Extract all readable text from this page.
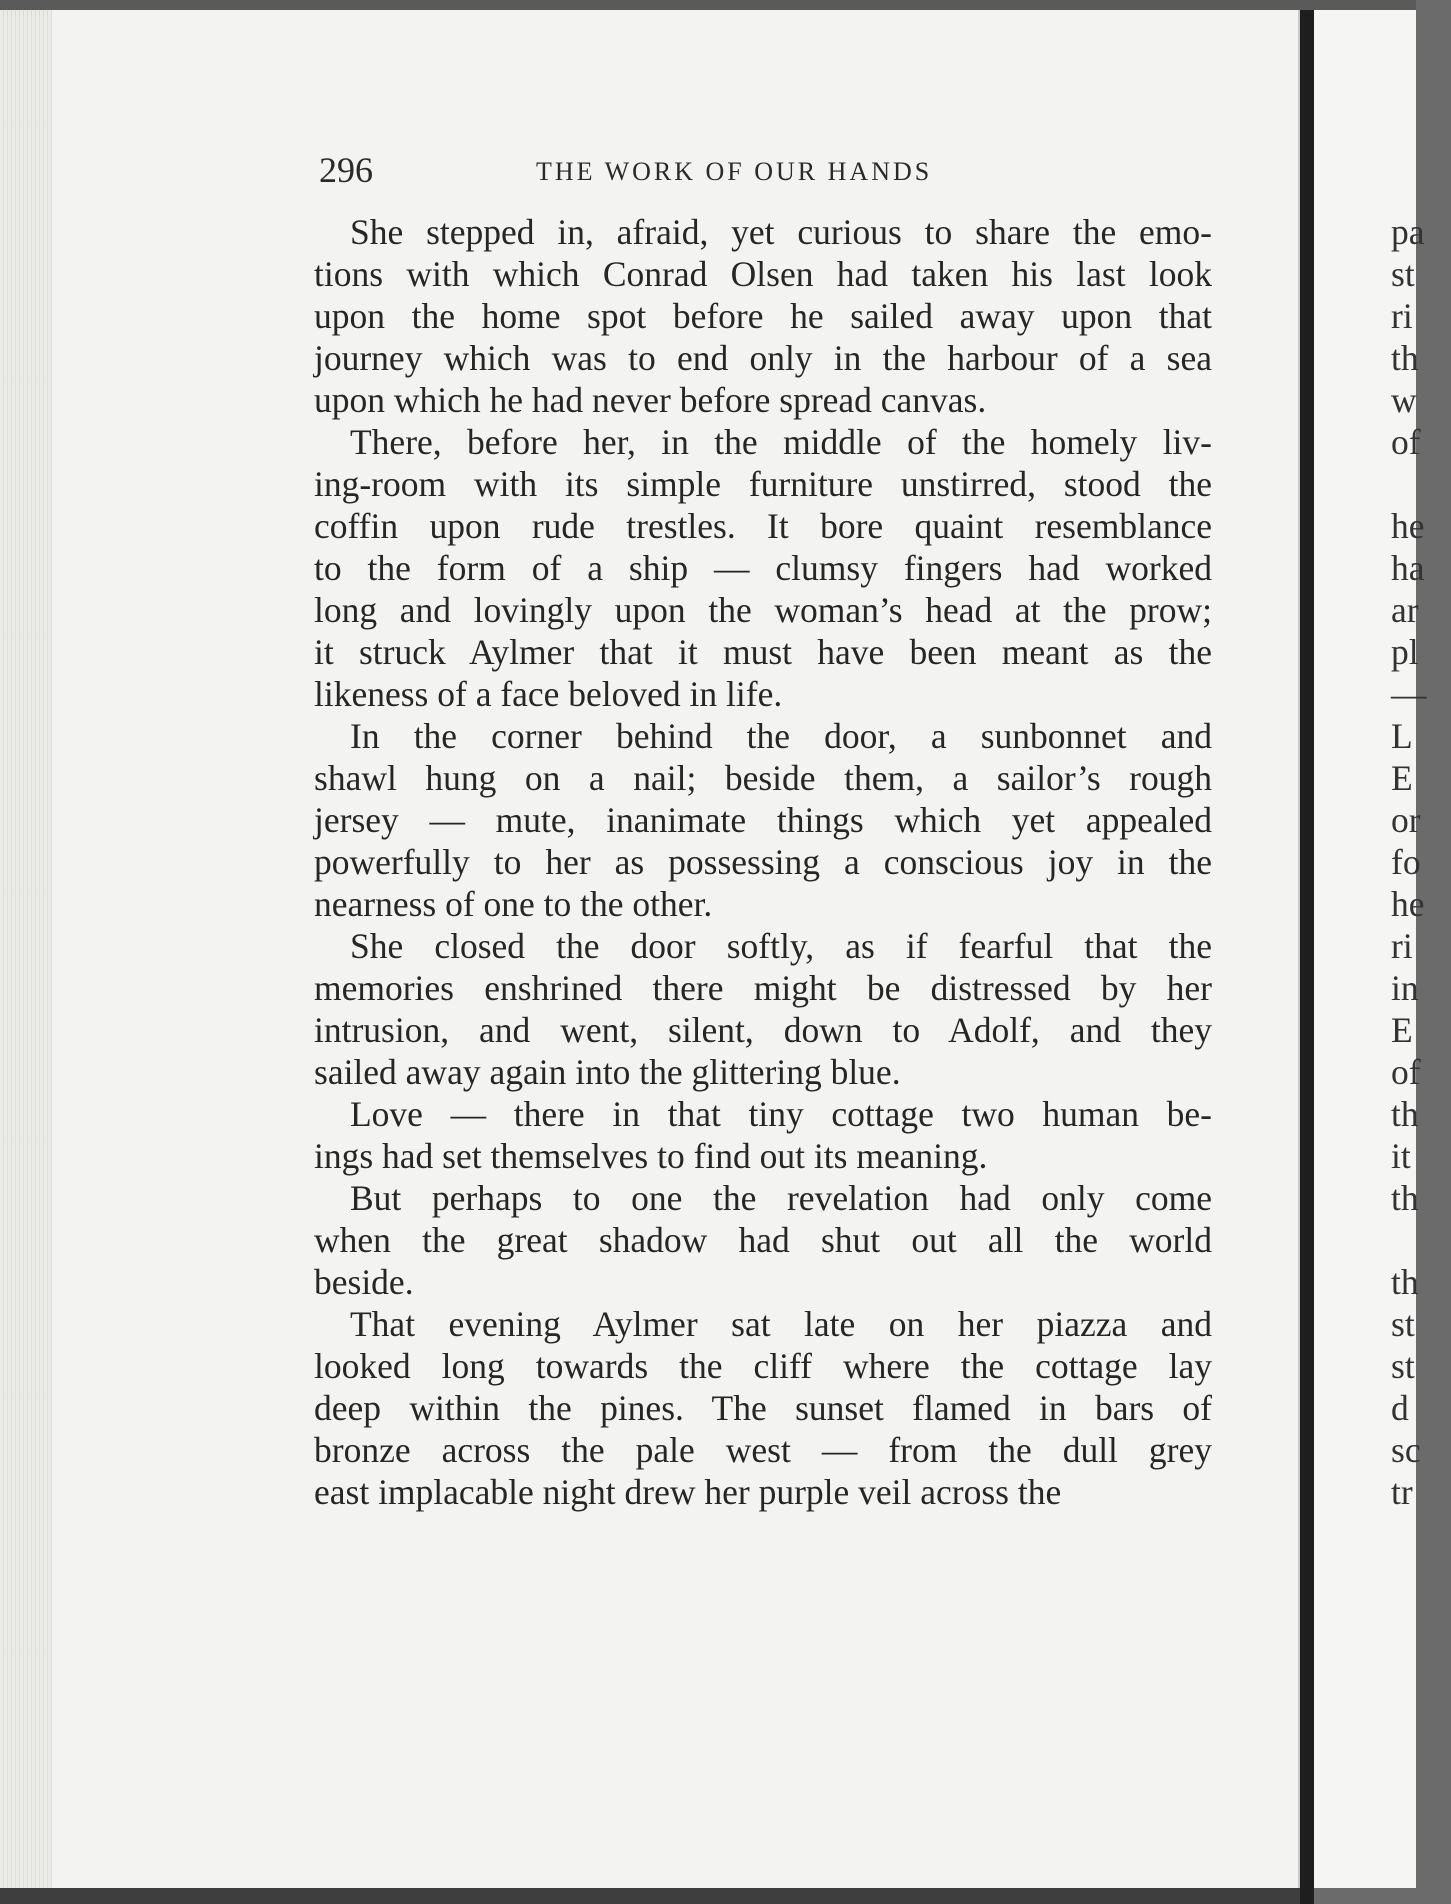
296	THE WORK OF OUR HANDS
She stepped in, afraid, yet curious to share the emo-
tions with which Conrad Olsen had taken his last look
upon the home spot before he sailed away upon that
journey which was to end only in the harbour of a sea
upon which he had never before spread canvas.
There, before her, in the middle of the homely liv-
ing-room with its simple furniture unstirred, stood the
coffin upon rude trestles. It bore quaint resemblance
to the form of a ship — clumsy fingers had worked
long and lovingly upon the woman’s head at the prow;
it struck Aylmer that it must have been meant as the
likeness of a face beloved in life.
In the corner behind the door, a sunbonnet and
shawl hung on a nail; beside them, a sailor’s rough
jersey — mute, inanimate things which yet appealed
powerfully to her as possessing a conscious joy in the
nearness of one to the other.
She closed the door softly, as if fearful that the
memories enshrined there might be distressed by her
intrusion, and went, silent, down to Adolf, and they
sailed away again into the glittering blue.
Love — there in that tiny cottage two human be-
ings had set themselves to find out its meaning.
But perhaps to one the revelation had only come
when the great shadow had shut out all the world
beside.
That evening Aylmer sat late on her piazza and
looked long towards the cliff where the cottage lay
deep within the pines. The sunset flamed in bars of
bronze across the pale west — from the dull grey
east implacable night drew her purple veil across the
pa
st
ri
th
w
of
he
ha
ar
pl
—
L
E
or
fo
he
ri
in
E
of
th
it
th
th
st
st
d
sc
tr
